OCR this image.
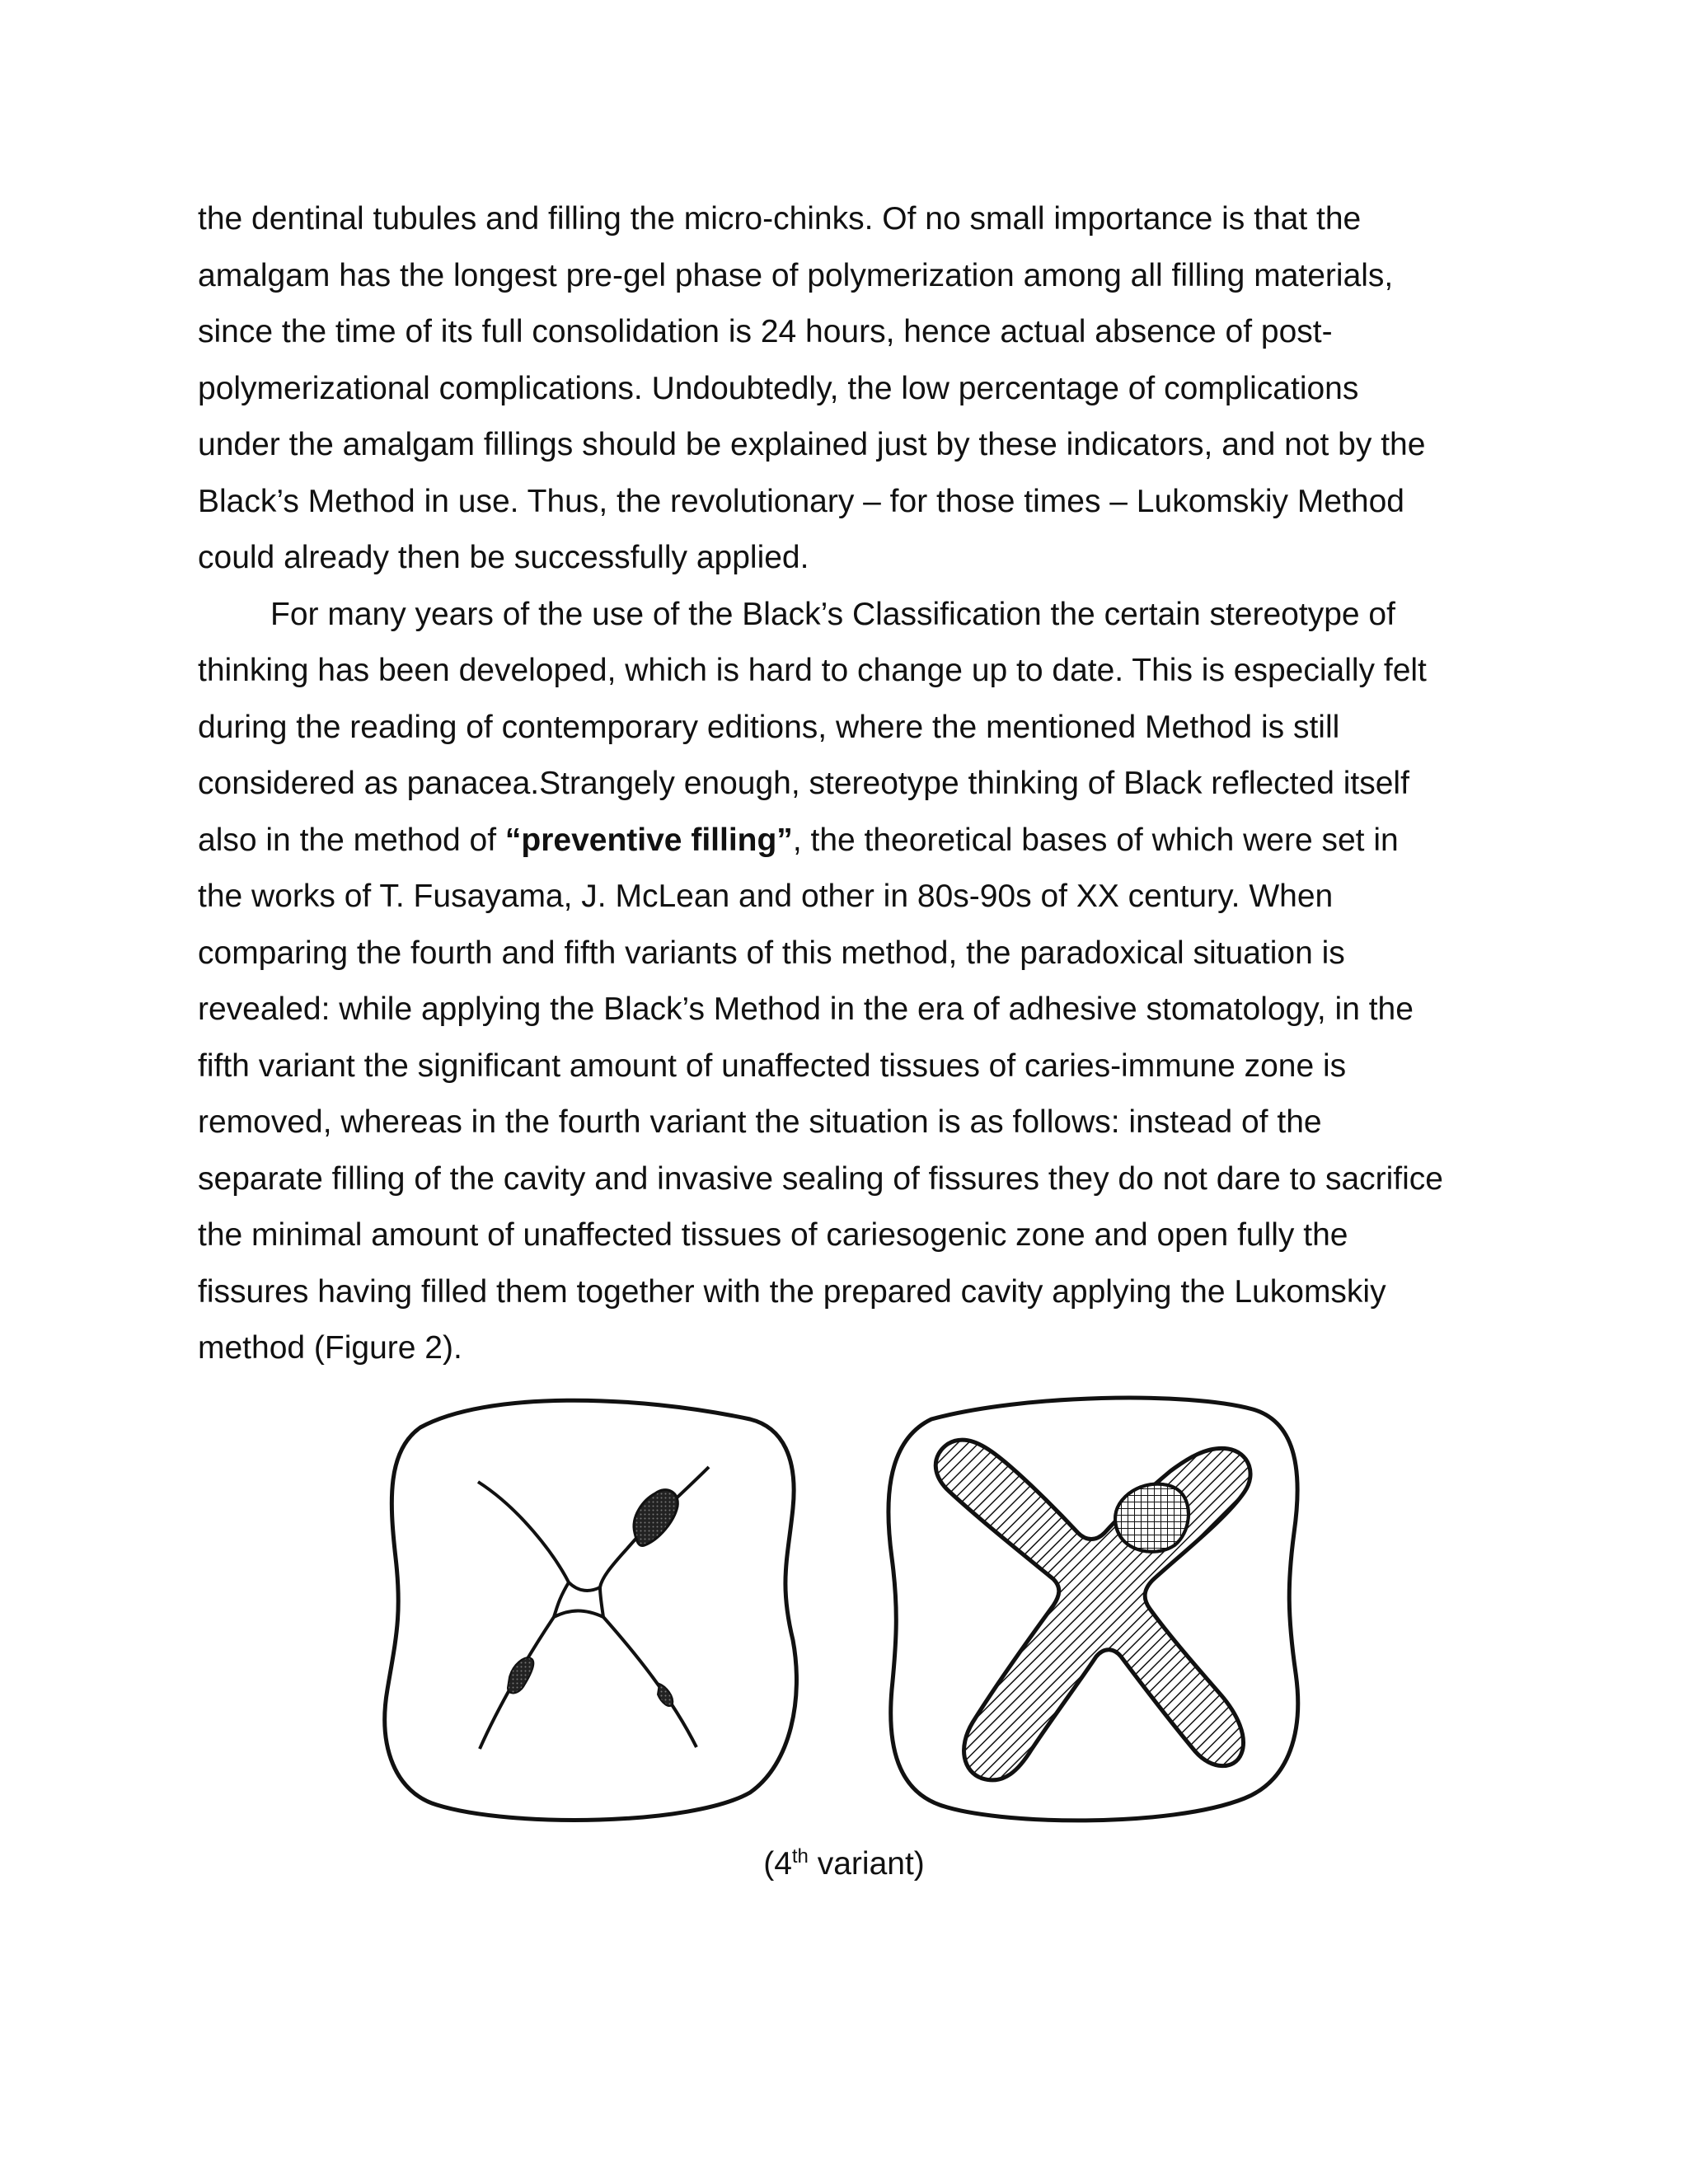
the dentinal tubules and filling the micro-chinks. Of no small importance is that the
amalgam has the longest pre-gel phase of polymerization among all filling materials,
since the time of its full consolidation is 24 hours, hence actual absence of post-
polymerizational complications. Undoubtedly, the low percentage of complications
under the amalgam fillings should be explained just by these indicators, and not by the
Black’s Method in use. Thus, the revolutionary – for those times – Lukomskiy Method
could already then be successfully applied.
For many years of the use of the Black’s Classification the certain stereotype of
thinking has been developed, which is hard to change up to date. This is especially felt
during the reading of contemporary editions, where the mentioned Method is still
considered as panacea.Strangely enough, stereotype thinking of Black reflected itself
also in the method of “preventive filling”, the theoretical bases of which were set in
the works of T. Fusayama, J. McLean and other in 80s-90s of XX century. When
comparing the fourth and fifth variants of this method, the paradoxical situation is
revealed: while applying the Black’s Method in the era of adhesive stomatology, in the
fifth variant the significant amount of unaffected tissues of caries-immune zone is
removed, whereas in the fourth variant the situation is as follows: instead of the
separate filling of the cavity and invasive sealing of fissures they do not dare to sacrifice
the minimal amount of unaffected tissues of cariesogenic zone and open fully the
fissures having filled them together with the prepared cavity applying the Lukomskiy
method (Figure 2).
(4th variant)
